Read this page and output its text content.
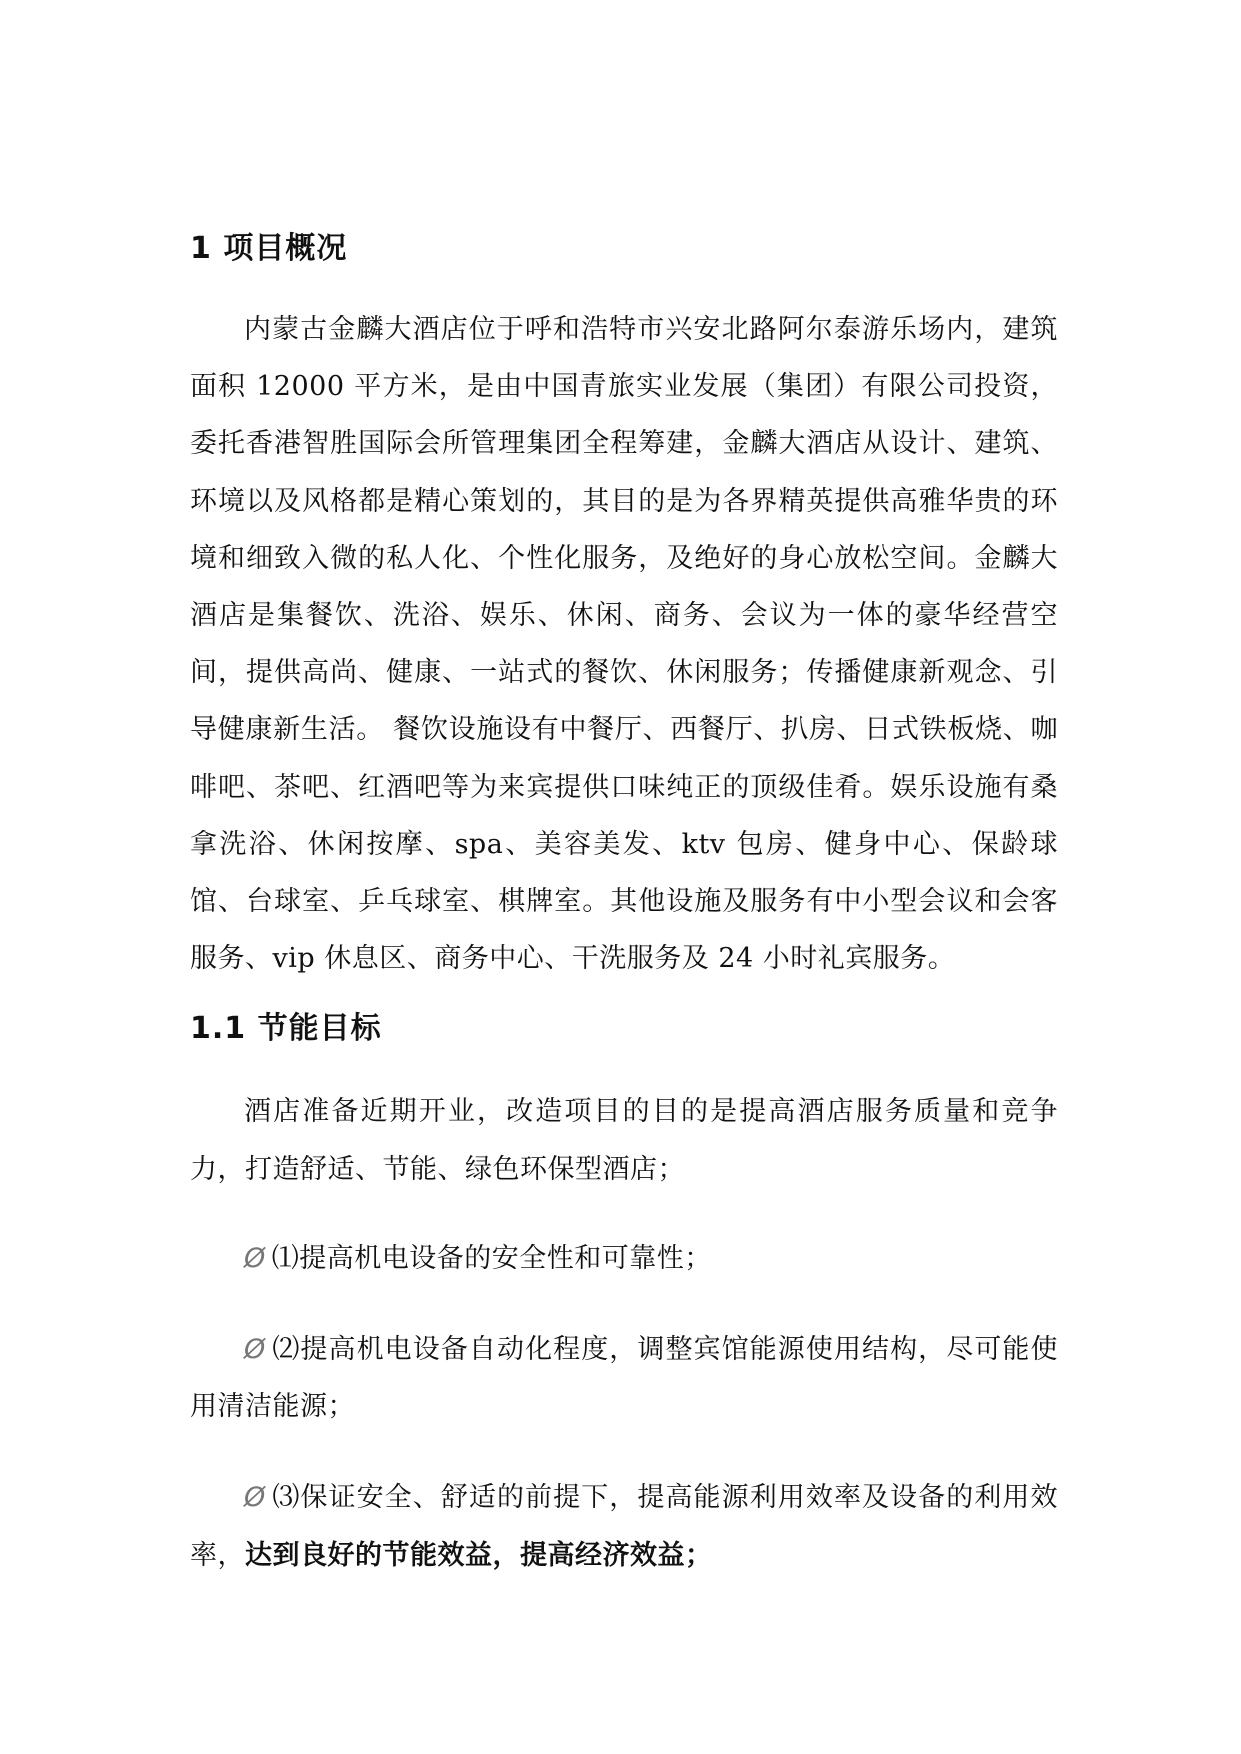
1 项目概况

内蒙古金麟大酒店位于呼和浩特市兴安北路阿尔泰游乐场内，建筑面积 12000 平方米，是由中国青旅实业发展（集团）有限公司投资，委托香港智胜国际会所管理集团全程筹建，金麟大酒店从设计、建筑、环境以及风格都是精心策划的，其目的是为各界精英提供高雅华贵的环境和细致入微的私人化、个性化服务，及绝好的身心放松空间。金麟大酒店是集餐饮、洗浴、娱乐、休闲、商务、会议为一体的豪华经营空间，提供高尚、健康、一站式的餐饮、休闲服务；传播健康新观念、引导健康新生活。 餐饮设施设有中餐厅、西餐厅、扒房、日式铁板烧、咖啡吧、茶吧、红酒吧等为来宾提供口味纯正的顶级佳肴。娱乐设施有桑拿洗浴、休闲按摩、spa、美容美发、ktv 包房、健身中心、保龄球馆、台球室、乒乓球室、棋牌室。其他设施及服务有中小型会议和会客服务、vip 休息区、商务中心、干洗服务及 24 小时礼宾服务。

1.1 节能目标

酒店准备近期开业，改造项目的目的是提高酒店服务质量和竞争力，打造舒适、节能、绿色环保型酒店；

Ø ⑴提高机电设备的安全性和可靠性；

Ø ⑵提高机电设备自动化程度，调整宾馆能源使用结构，尽可能使用清洁能源；

Ø ⑶保证安全、舒适的前提下，提高能源利用效率及设备的利用效率，达到良好的节能效益，提高经济效益；
